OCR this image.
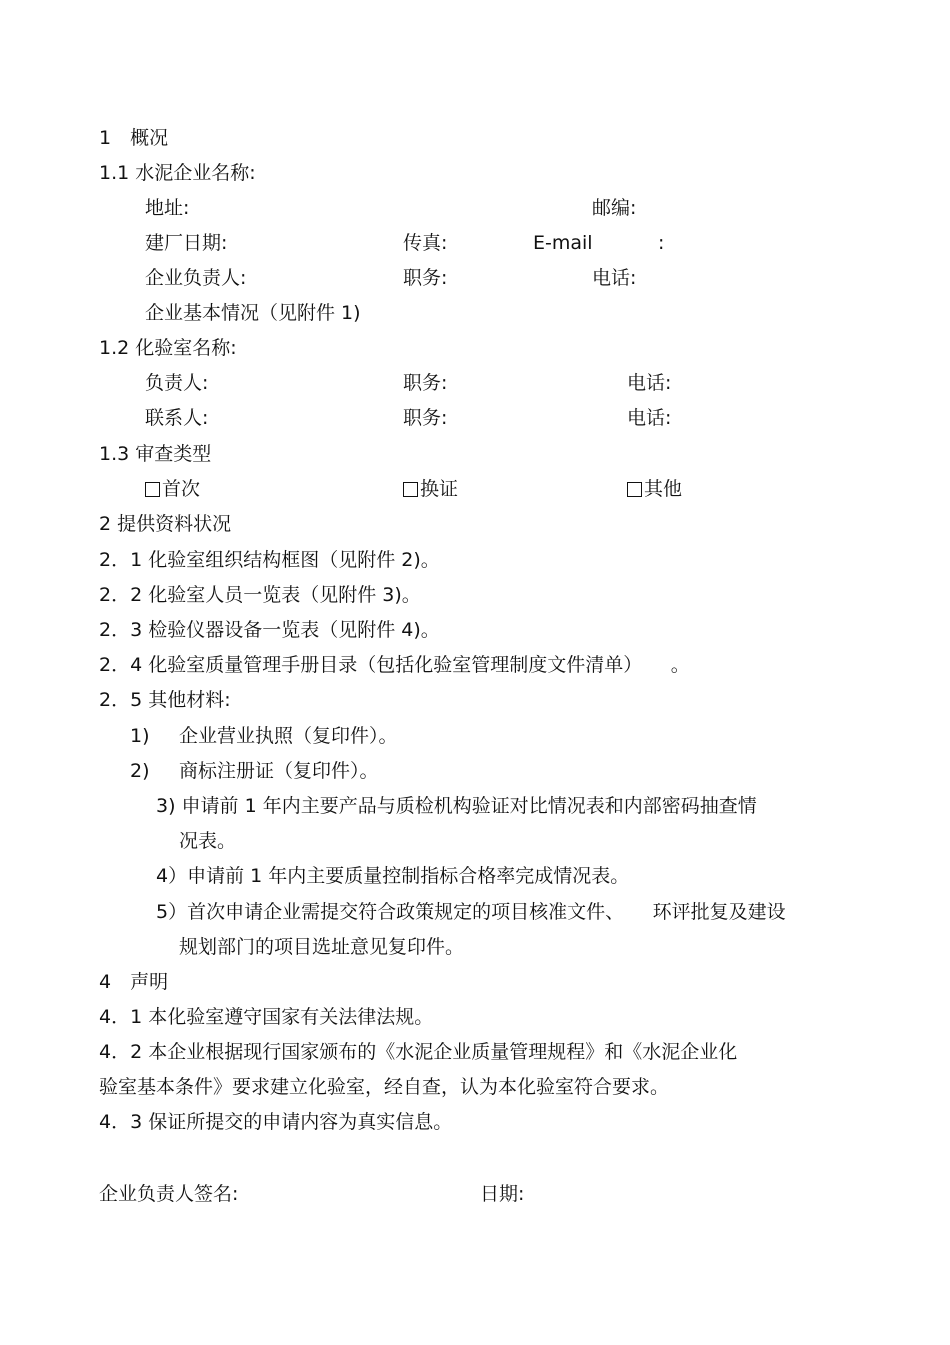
1　概况
1.1 水泥企业名称:
地址:	邮编:
建厂日期:	传真:	E-mail	:
企业负责人:	职务:	电话:
企业基本情况（见附件 1)
1.2 化验室名称:
负责人:	职务:	电话:
联系人:	职务:	电话:
1.3 审查类型
首次	换证	其他
2 提供资料状况
2．1 化验室组织结构框图（见附件 2)。
2．2 化验室人员一览表（见附件 3)。
2．3 检验仪器设备一览表（见附件 4)。
2．4 化验室质量管理手册目录（包括化验室管理制度文件清单）　　。
2．5 其他材料:
1) 企业营业执照（复印件）。
2) 商标注册证（复印件）。
3) 申请前 1 年内主要产品与质检机构验证对比情况表和内部密码抽查情
况表。
4）申请前 1 年内主要质量控制指标合格率完成情况表。
5）首次申请企业需提交符合政策规定的项目核准文件、　　环评批复及建设
规划部门的项目选址意见复印件。
4　声明
4．1 本化验室遵守国家有关法律法规。
4．2 本企业根据现行国家颁布的《水泥企业质量管理规程》和《水泥企业化
验室基本条件》要求建立化验室，经自查，认为本化验室符合要求。
4．3 保证所提交的申请内容为真实信息。
企业负责人签名:	日期:
